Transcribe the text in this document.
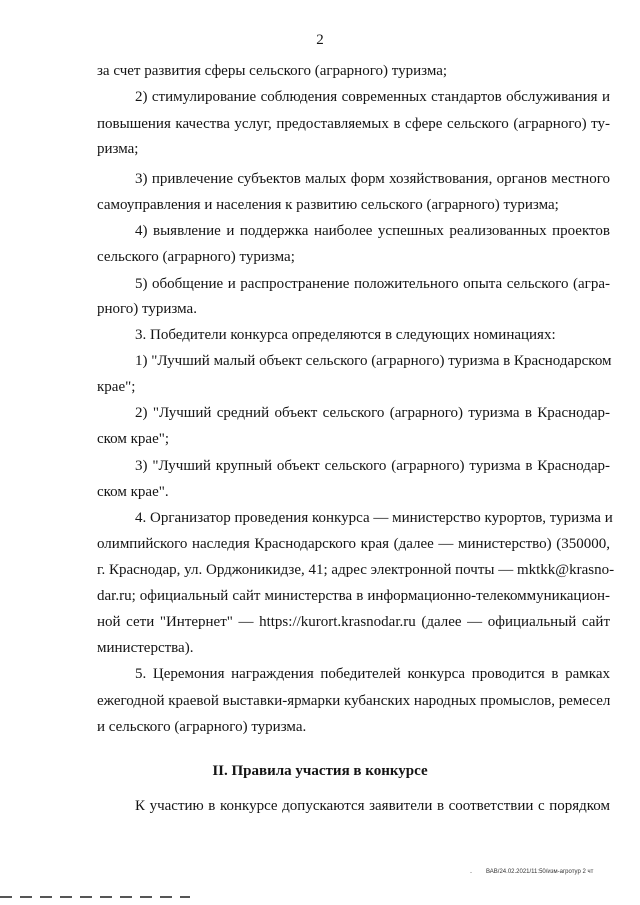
2
за счет развития сферы сельского (аграрного) туризма;
2) стимулирование соблюдения современных стандартов обслуживания и
повышения качества услуг, предоставляемых в сфере сельского (аграрного) ту-
ризма;
3) привлечение субъектов малых форм хозяйствования, органов местного
самоуправления и населения к развитию сельского (аграрного) туризма;
4) выявление и поддержка наиболее успешных реализованных проектов
сельского (аграрного) туризма;
5) обобщение и распространение положительного опыта сельского (агра-
рного) туризма.
3. Победители конкурса определяются в следующих номинациях:
1) "Лучший малый объект сельского (аграрного) туризма в Краснодарском
крае";
2) "Лучший средний объект сельского (аграрного) туризма в Краснодар-
ском крае";
3) "Лучший крупный объект сельского (аграрного) туризма в Краснодар-
ском крае".
4. Организатор проведения конкурса — министерство курортов, туризма и
олимпийского наследия Краснодарского края (далее — министерство) (350000,
г. Краснодар, ул. Орджоникидзе, 41; адрес электронной почты — mktkk@krasno-
dar.ru; официальный сайт министерства в информационно-телекоммуникацион-
ной сети "Интернет" — https://kurort.krasnodar.ru (далее — официальный сайт
министерства).
5. Церемония награждения победителей конкурса проводится в рамках
ежегодной краевой выставки-ярмарки кубанских народных промыслов, ремесел
и сельского (аграрного) туризма.
II. Правила участия в конкурсе
К участию в конкурсе допускаются заявители в соответствии с порядком
- ВАВ/24.02.2021/11:50/изм-агротур 2 чт
